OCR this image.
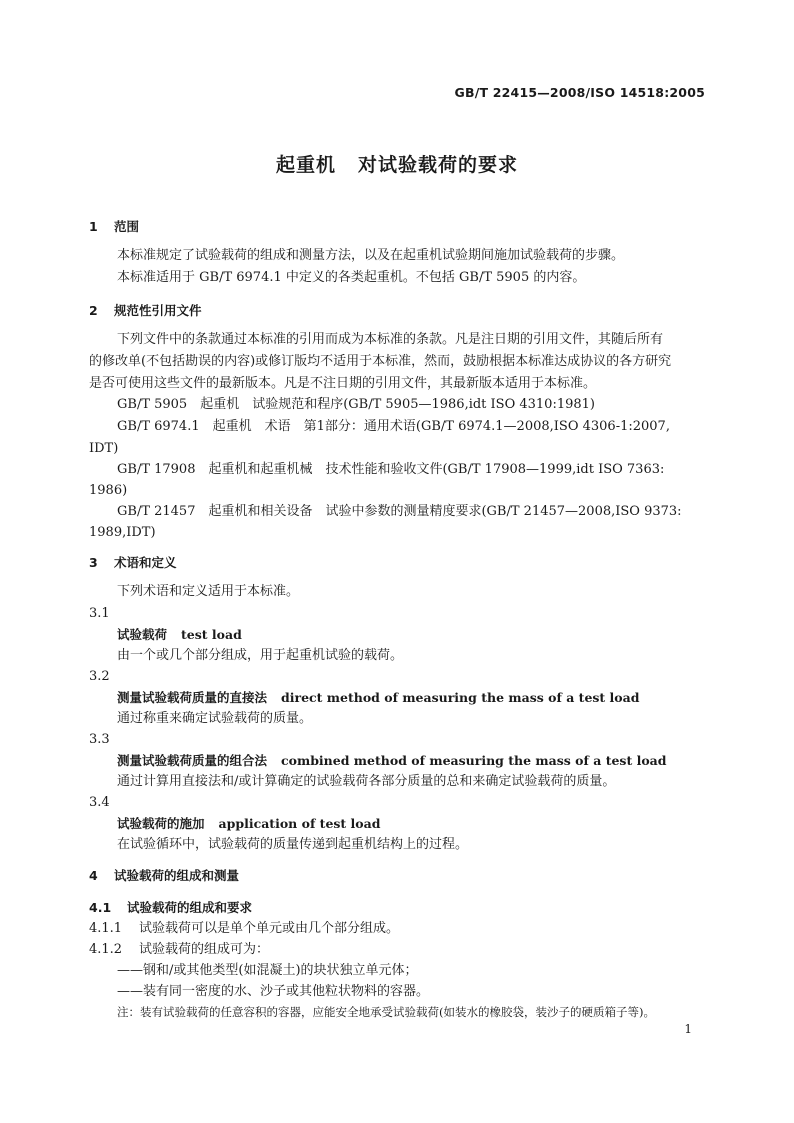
GB/T 22415—2008/ISO 14518:2005
起重机 对试验载荷的要求
1 范围
本标准规定了试验载荷的组成和测量方法，以及在起重机试验期间施加试验载荷的步骤。
本标准适用于 GB/T 6974.1 中定义的各类起重机。不包括 GB/T 5905 的内容。
2 规范性引用文件
下列文件中的条款通过本标准的引用而成为本标准的条款。凡是注日期的引用文件，其随后所有
的修改单(不包括勘误的内容)或修订版均不适用于本标准，然而，鼓励根据本标准达成协议的各方研究
是否可使用这些文件的最新版本。凡是不注日期的引用文件，其最新版本适用于本标准。
GB/T 5905　起重机　试验规范和程序(GB/T 5905—1986,idt ISO 4310:1981)
GB/T 6974.1　起重机　术语　第1部分：通用术语(GB/T 6974.1—2008,ISO 4306-1:2007,
IDT)
GB/T 17908　起重机和起重机械　技术性能和验收文件(GB/T 17908—1999,idt ISO 7363:
1986)
GB/T 21457　起重机和相关设备　试验中参数的测量精度要求(GB/T 21457—2008,ISO 9373:
1989,IDT)
3 术语和定义
下列术语和定义适用于本标准。
3.1
试验载荷 test load
由一个或几个部分组成，用于起重机试验的载荷。
3.2
测量试验载荷质量的直接法 direct method of measuring the mass of a test load
通过称重来确定试验载荷的质量。
3.3
测量试验载荷质量的组合法 combined method of measuring the mass of a test load
通过计算用直接法和/或计算确定的试验载荷各部分质量的总和来确定试验载荷的质量。
3.4
试验载荷的施加 application of test load
在试验循环中，试验载荷的质量传递到起重机结构上的过程。
4 试验载荷的组成和测量
4.1 试验载荷的组成和要求
4.1.1 试验载荷可以是单个单元或由几个部分组成。
4.1.2 试验载荷的组成可为：
——钢和/或其他类型(如混凝土)的块状独立单元体；
——装有同一密度的水、沙子或其他粒状物料的容器。
注：装有试验载荷的任意容积的容器，应能安全地承受试验载荷(如装水的橡胶袋，装沙子的硬质箱子等)。
1
